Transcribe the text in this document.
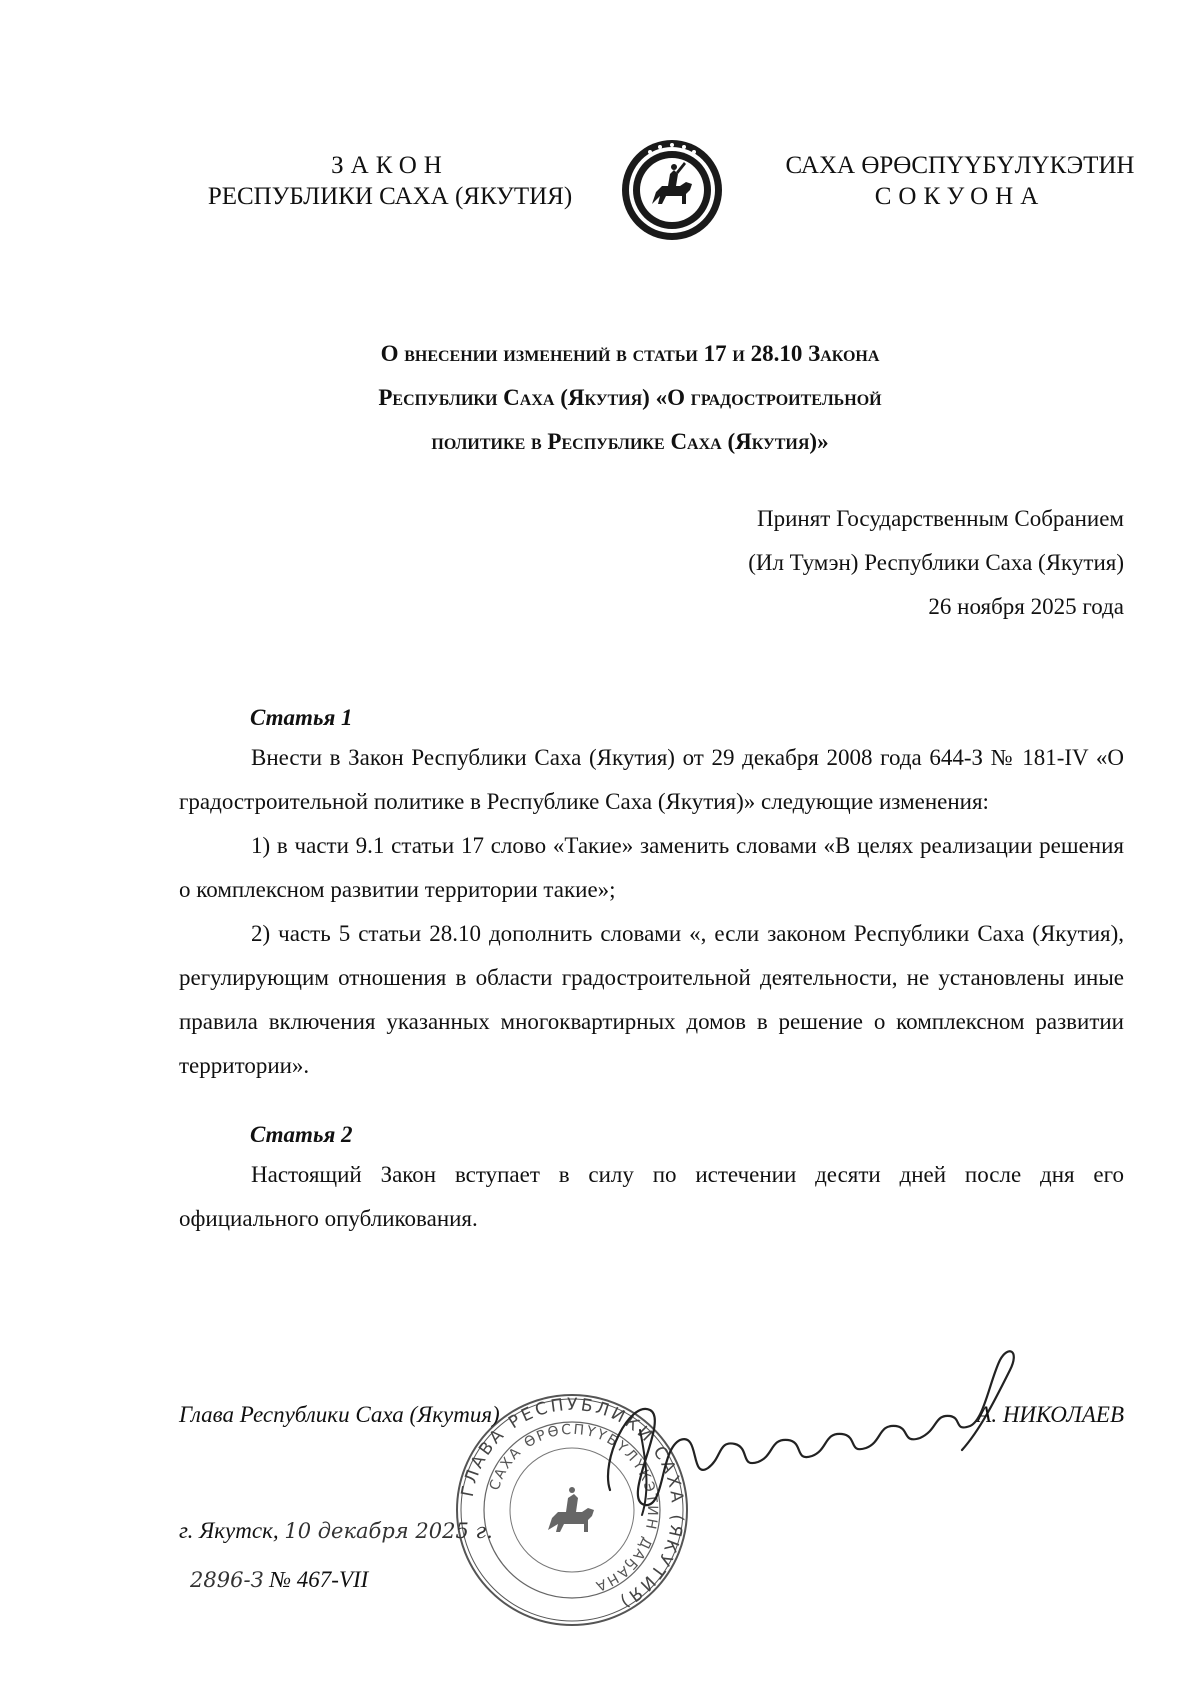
ЗАКОН
РЕСПУБЛИКИ САХА (ЯКУТИЯ)
САХА ӨРӨСПҮҮБҮЛҮКЭТИН
СОКУОНА
О внесении изменений в статьи 17 и 28.10 Закона
Республики Саха (Якутия) «О градостроительной
политике в Республике Саха (Якутия)»
Принят Государственным Собранием
(Ил Тумэн) Республики Саха (Якутия)
26 ноября 2025 года
Статья 1

Внести в Закон Республики Саха (Якутия) от 29 декабря 2008 года 644-З № 181-IV «О градостроительной политике в Республике Саха (Якутия)» следующие изменения:

1) в части 9.1 статьи 17 слово «Такие» заменить словами «В целях реализации решения о комплексном развитии территории такие»;

2) часть 5 статьи 28.10 дополнить словами «, если законом Республики Саха (Якутия), регулирующим отношения в области градостроительной деятельности, не установлены иные правила включения указанных многоквартирных домов в решение о комплексном развитии территории».

Статья 2

Настоящий Закон вступает в силу по истечении десяти дней после дня его официального опубликования.

ГЛАВА РЕСПУБЛИКИ САХА (ЯКУТИЯ)
САХА ӨРӨСПҮҮБҮЛҮКЭТИН ДАҔАНА
Глава Республики Саха (Якутия)	А. НИКОЛАЕВ
г. Якутск, 10 декабря 2025 г.
2896-З № 467-VII
